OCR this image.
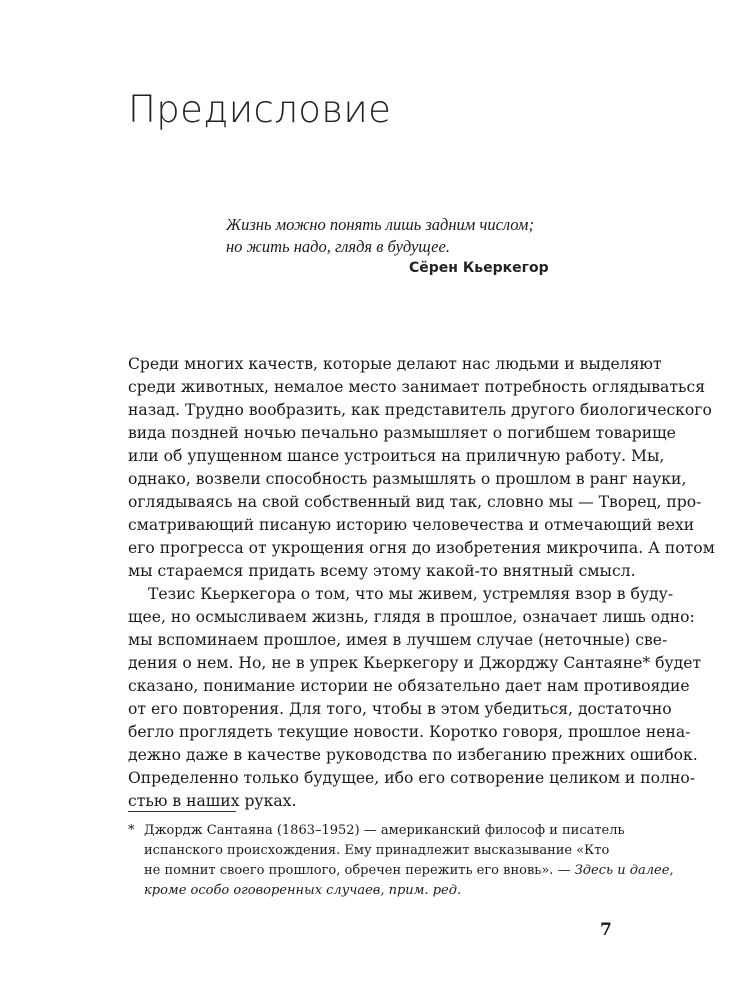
Предисловие
Жизнь можно понять лишь задним числом;
но жить надо, глядя в будущее.
Сёрен Кьеркегор
Среди многих качеств, которые делают нас людьми и выделяют
среди животных, немалое место занимает потребность оглядываться
назад. Трудно вообразить, как представитель другого биологического
вида поздней ночью печально размышляет о погибшем товарище
или об упущенном шансе устроиться на приличную работу. Мы,
однако, возвели способность размышлять о прошлом в ранг науки,
оглядываясь на свой собственный вид так, словно мы — Творец, про-
сматривающий писаную историю человечества и отмечающий вехи
его прогресса от укрощения огня до изобретения микрочипа. А потом
мы стараемся придать всему этому какой-то внятный смысл.
Тезис Кьеркегора о том, что мы живем, устремляя взор в буду-
щее, но осмысливаем жизнь, глядя в прошлое, означает лишь одно:
мы вспоминаем прошлое, имея в лучшем случае (неточные) све-
дения о нем. Но, не в упрек Кьеркегору и Джорджу Сантаяне* будет
сказано, понимание истории не обязательно дает нам противоядие
от его повторения. Для того, чтобы в этом убедиться, достаточно
бегло проглядеть текущие новости. Коротко говоря, прошлое нена-
дежно даже в качестве руководства по избеганию прежних ошибок.
Определенно только будущее, ибо его сотворение целиком и полно-
стью в наших руках.
* Джордж Сантаяна (1863–1952) — американский философ и писатель
испанского происхождения. Ему принадлежит высказывание «Кто
не помнит своего прошлого, обречен пережить его вновь». — Здесь и далее,
кроме особо оговоренных случаев, прим. ред.
7
